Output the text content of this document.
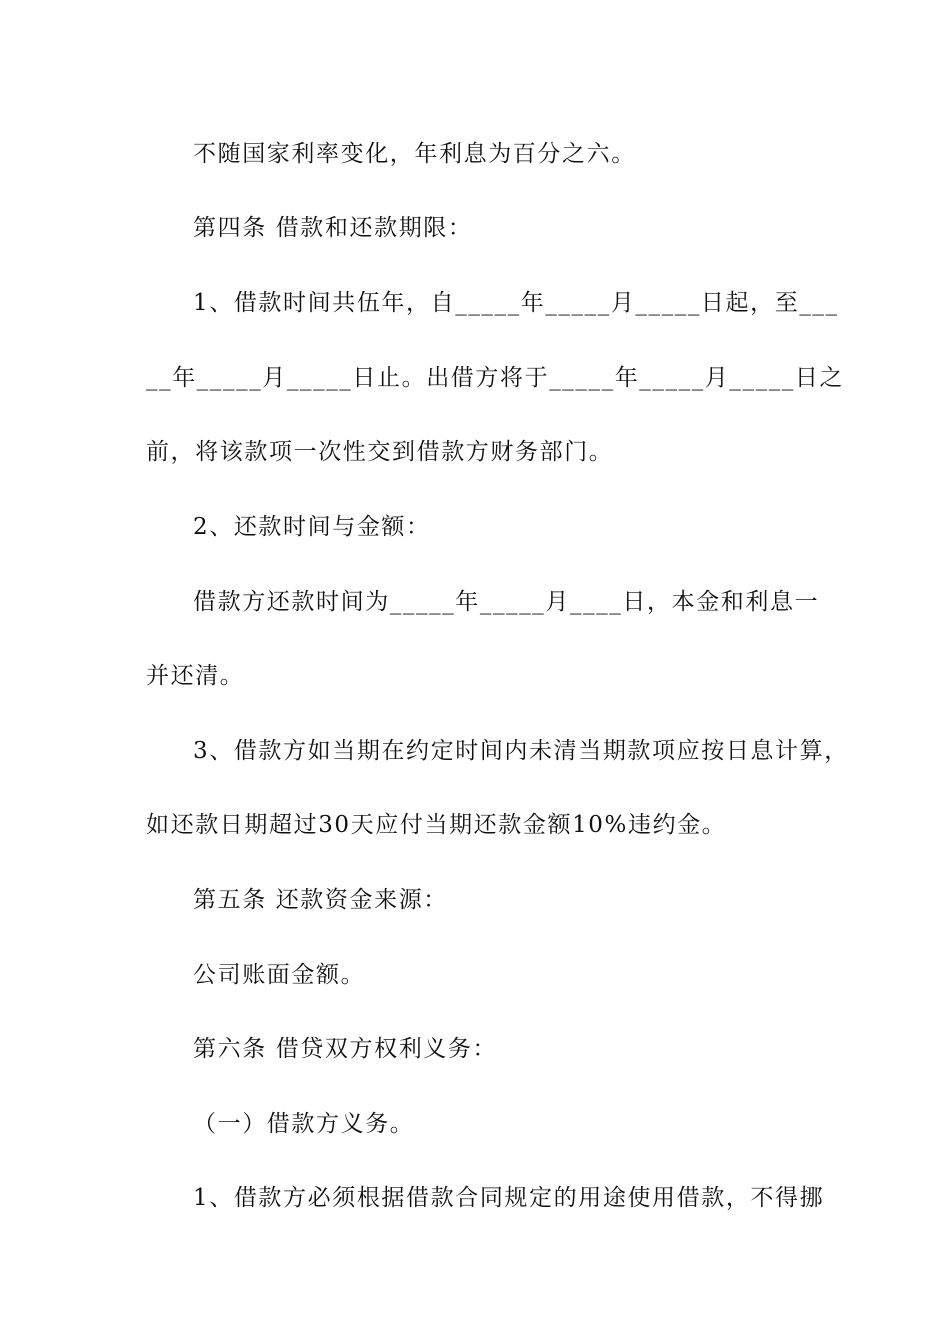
不随国家利率变化，年利息为百分之六。
第四条 借款和还款期限：
1、借款时间共伍年，自_____年_____月_____日起，至___
__年_____月_____日止。出借方将于_____年_____月_____日之
前，将该款项一次性交到借款方财务部门。
2、还款时间与金额：
借款方还款时间为_____年_____月____日，本金和利息一
并还清。
3、借款方如当期在约定时间内未清当期款项应按日息计算，
如还款日期超过30天应付当期还款金额10%违约金。
第五条 还款资金来源：
公司账面金额。
第六条 借贷双方权利义务：
（一）借款方义务。
1、借款方必须根据借款合同规定的用途使用借款，不得挪
